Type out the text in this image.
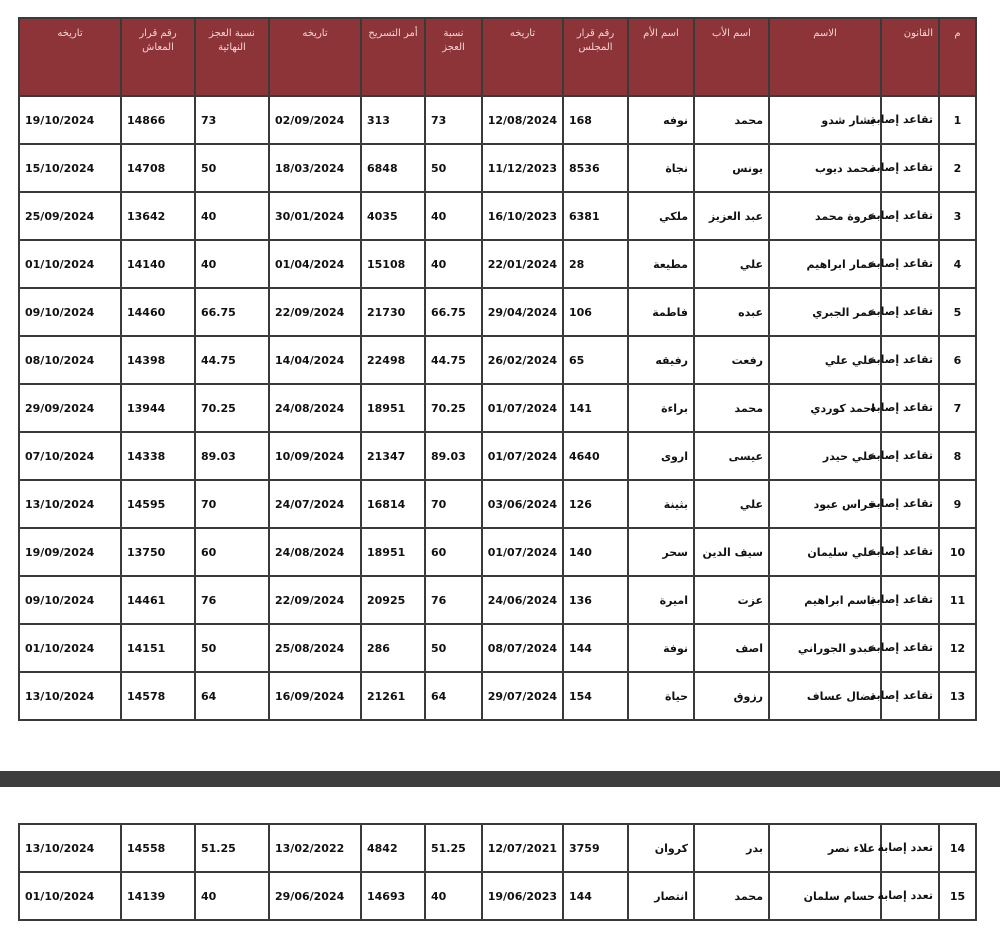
م	القانون	الاسم	اسم الأب	اسم الأم	رقم قرار المجلس	تاريخه	نسبة العجز	أمر التسريح	تاريخه	نسبة العجز النهائية	رقم قرار المعاش	تاريخه
1	تقاعد إصابة	بشار شدو	محمد	نوفه	168	12/08/2024	73	313	02/09/2024	73	14866	19/10/2024
2	تقاعد إصابة	محمد ديوب	يونس	نجاة	8536	11/12/2023	50	6848	18/03/2024	50	14708	15/10/2024
3	تقاعد إصابة	عروة محمد	عبد العزيز	ملكي	6381	16/10/2023	40	4035	30/01/2024	40	13642	25/09/2024
4	تقاعد إصابة	عمار ابراهيم	علي	مطيعة	28	22/01/2024	40	15108	01/04/2024	40	14140	01/10/2024
5	تقاعد إصابة	عمر الجبري	عبده	فاطمة	106	29/04/2024	66.75	21730	22/09/2024	66.75	14460	09/10/2024
6	تقاعد إصابة	علي علي	رفعت	رفيقه	65	26/02/2024	44.75	22498	14/04/2024	44.75	14398	08/10/2024
7	تقاعد إصابة	احمد كوردي	محمد	براءة	141	01/07/2024	70.25	18951	24/08/2024	70.25	13944	29/09/2024
8	تقاعد إصابة	علي حيدر	عيسى	اروى	4640	01/07/2024	89.03	21347	10/09/2024	89.03	14338	07/10/2024
9	تقاعد إصابة	فراس عبود	علي	بثينة	126	03/06/2024	70	16814	24/07/2024	70	14595	13/10/2024
10	تقاعد إصابة	علي سليمان	سيف الدين	سحر	140	01/07/2024	60	18951	24/08/2024	60	13750	19/09/2024
11	تقاعد إصابة	باسم ابراهيم	عزت	اميرة	136	24/06/2024	76	20925	22/09/2024	76	14461	09/10/2024
12	تقاعد إصابة	عبدو الجوراني	اصف	نوفة	144	08/07/2024	50	286	25/08/2024	50	14151	01/10/2024
13	تقاعد إصابة	نضال عساف	رزوق	حياة	154	29/07/2024	64	21261	16/09/2024	64	14578	13/10/2024
14	تعدد إصابة	علاء نصر	بدر	كروان	3759	12/07/2021	51.25	4842	13/02/2022	51.25	14558	13/10/2024
15	تعدد إصابة	حسام سلمان	محمد	انتصار	144	19/06/2023	40	14693	29/06/2024	40	14139	01/10/2024
